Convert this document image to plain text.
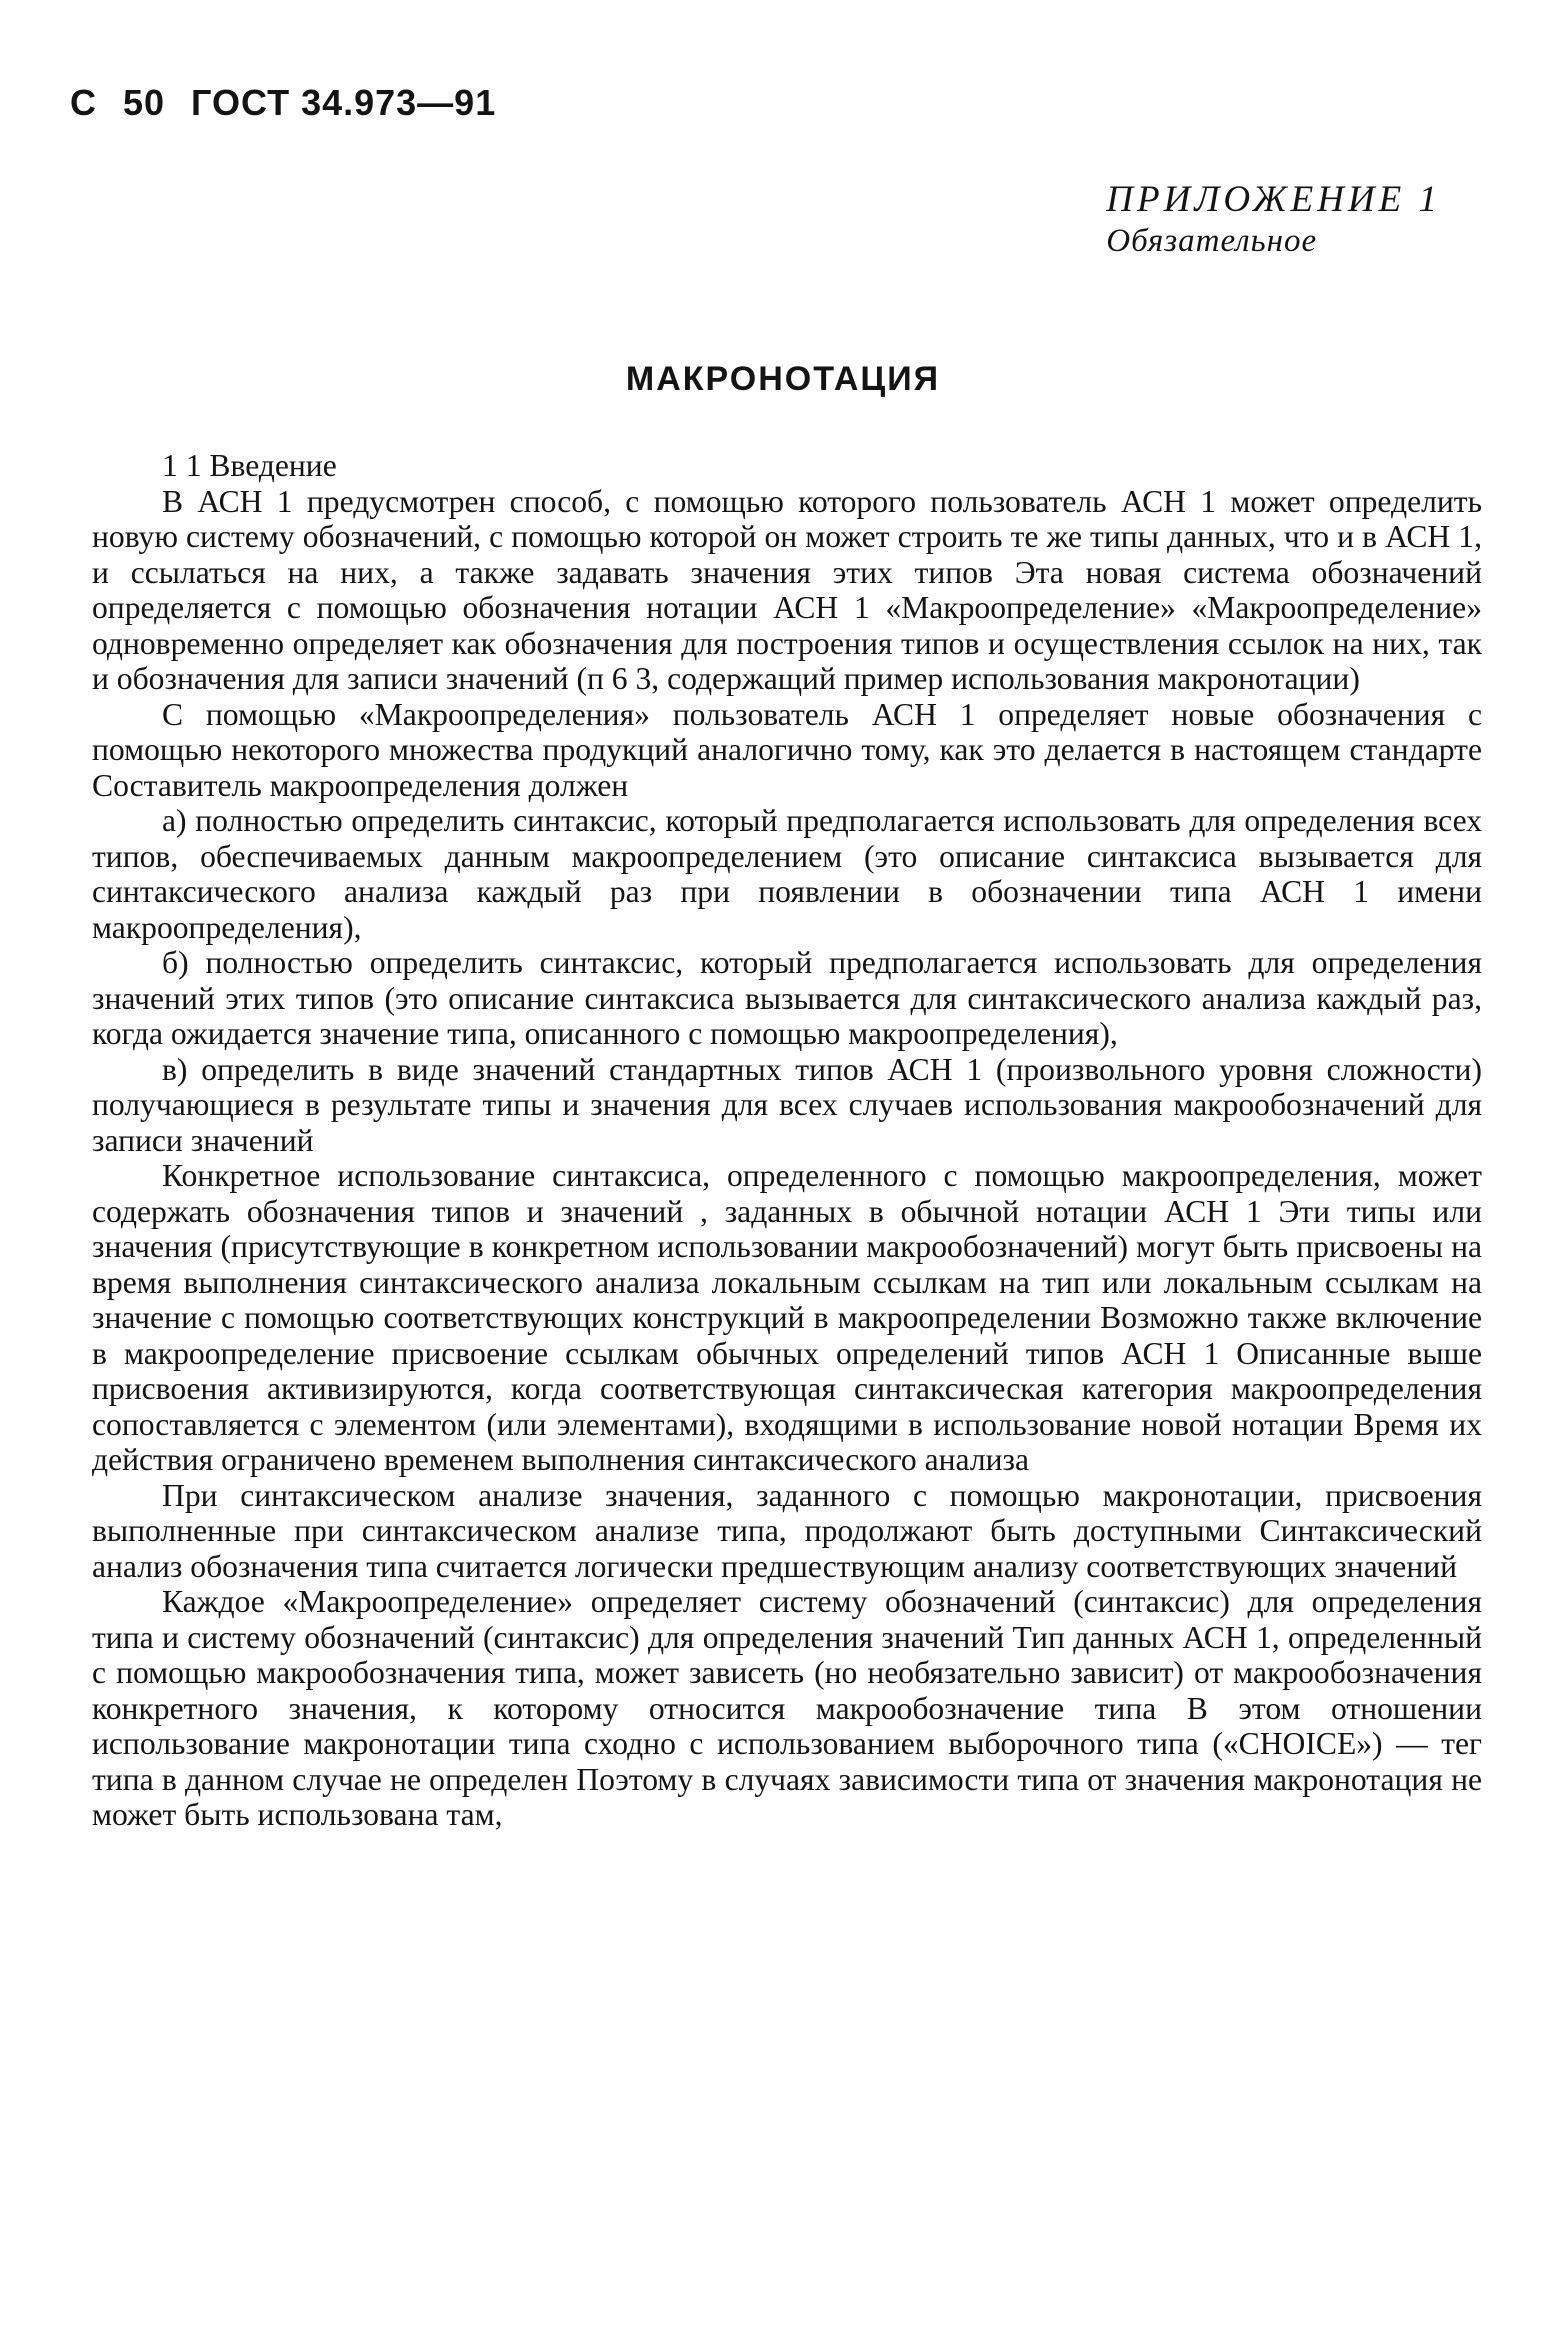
С 50 ГОСТ 34.973—91
ПРИЛОЖЕНИЕ 1
Обязательное
МАКРОНОТАЦИЯ

1 1 Введение

В АСН 1 предусмотрен способ, с помощью которого пользователь АСН 1 может определить новую систему обозначений, с помощью которой он может строить те же типы данных, что и в АСН 1, и ссылаться на них, а также задавать значения этих типов Эта новая система обозначений определяется с помощью обозначения нотации АСН 1 «Макроопределение» «Макроопределение» одновременно определяет как обозначения для построения типов и осуществления ссылок на них, так и обозначения для записи значений (п 6 3, содержащий пример использования макронотации)

С помощью «Макроопределения» пользователь АСН 1 определяет новые обозначения с помощью некоторого множества продукций аналогично тому, как это делается в настоящем стандарте Составитель макроопределения должен

а) полностью определить синтаксис, который предполагается использовать для определения всех типов, обеспечиваемых данным макроопределением (это описание синтаксиса вызывается для синтаксического анализа каждый раз при появлении в обозначении типа АСН 1 имени макроопределения),

б) полностью определить синтаксис, который предполагается использовать для определения значений этих типов (это описание синтаксиса вызывается для синтаксического анализа каждый раз, когда ожидается значение типа, описанного с помощью макроопределения),

в) определить в виде значений стандартных типов АСН 1 (произвольного уровня сложности) получающиеся в результате типы и значения для всех случаев использования макрообозначений для записи значений

Конкретное использование синтаксиса, определенного с помощью макроопределения, может содержать обозначения типов и значений , заданных в обычной нотации АСН 1 Эти типы или значения (присутствующие в конкретном использовании макрообозначений) могут быть присвоены на время выполнения синтаксического анализа локальным ссылкам на тип или локальным ссылкам на значение с помощью соответствующих конструкций в макроопределении Возможно также включение в макроопределение присвоение ссылкам обычных определений типов АСН 1 Описанные выше присвоения активизируются, когда соответствующая синтаксическая категория макроопределения сопоставляется с элементом (или элементами), входящими в использование новой нотации Время их действия ограничено временем выполнения синтаксического анализа

При синтаксическом анализе значения, заданного с помощью макронотации, присвоения выполненные при синтаксическом анализе типа, продолжают быть доступными Синтаксический анализ обозначения типа считается логически предшествующим анализу соответствующих значений

Каждое «Макроопределение» определяет систему обозначений (синтаксис) для определения типа и систему обозначений (синтаксис) для определения значений Тип данных АСН 1, определенный с помощью макрообозначения типа, может зависеть (но необязательно зависит) от макрообозначения конкретного значения, к которому относится макрообозначение типа В этом отношении использование макронотации типа сходно с использованием выборочного типа («CHOICE») — тег типа в данном случае не определен Поэтому в случаях зависимости типа от значения макронотация не может быть использована там,
